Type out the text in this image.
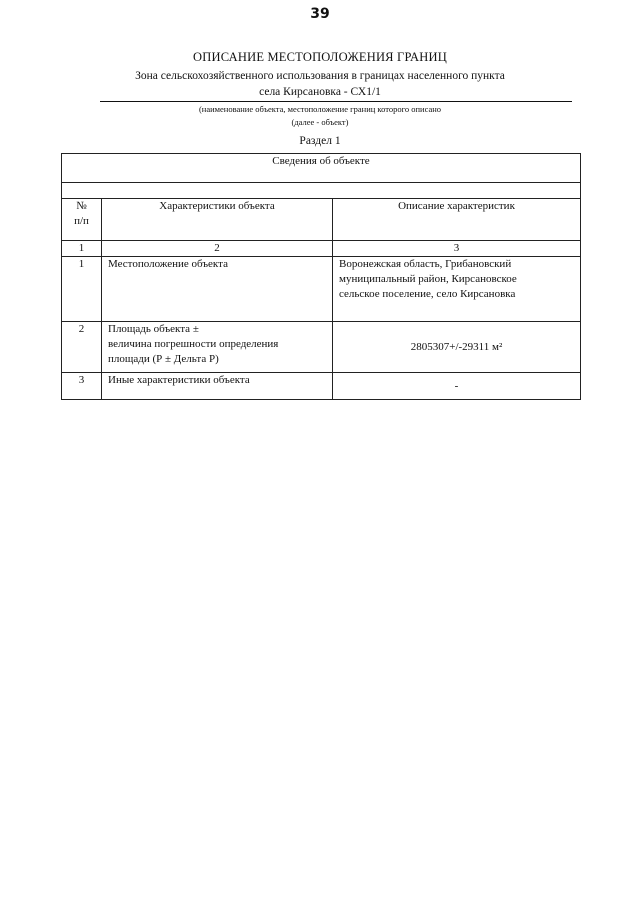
39
ОПИСАНИЕ МЕСТОПОЛОЖЕНИЯ ГРАНИЦ
Зона сельскохозяйственного использования в границах населенного пункта
села Кирсановка - СХ1/1
(наименование объекта, местоположение границ которого описано
(далее - объект)
Раздел 1
Сведения об объекте		

№
п/п	Характеристики объекта	Описание характеристик
1	2	3
1	Местоположение объекта	Воронежская область, Грибановский
муниципальный район, Кирсановское
сельское поселение, село Кирсановка

2	Площадь объекта ±
величина погрешности определения
площади (Р ± Дельта Р)	2805307+/-29311 м²
3	Иные характеристики объекта	-
